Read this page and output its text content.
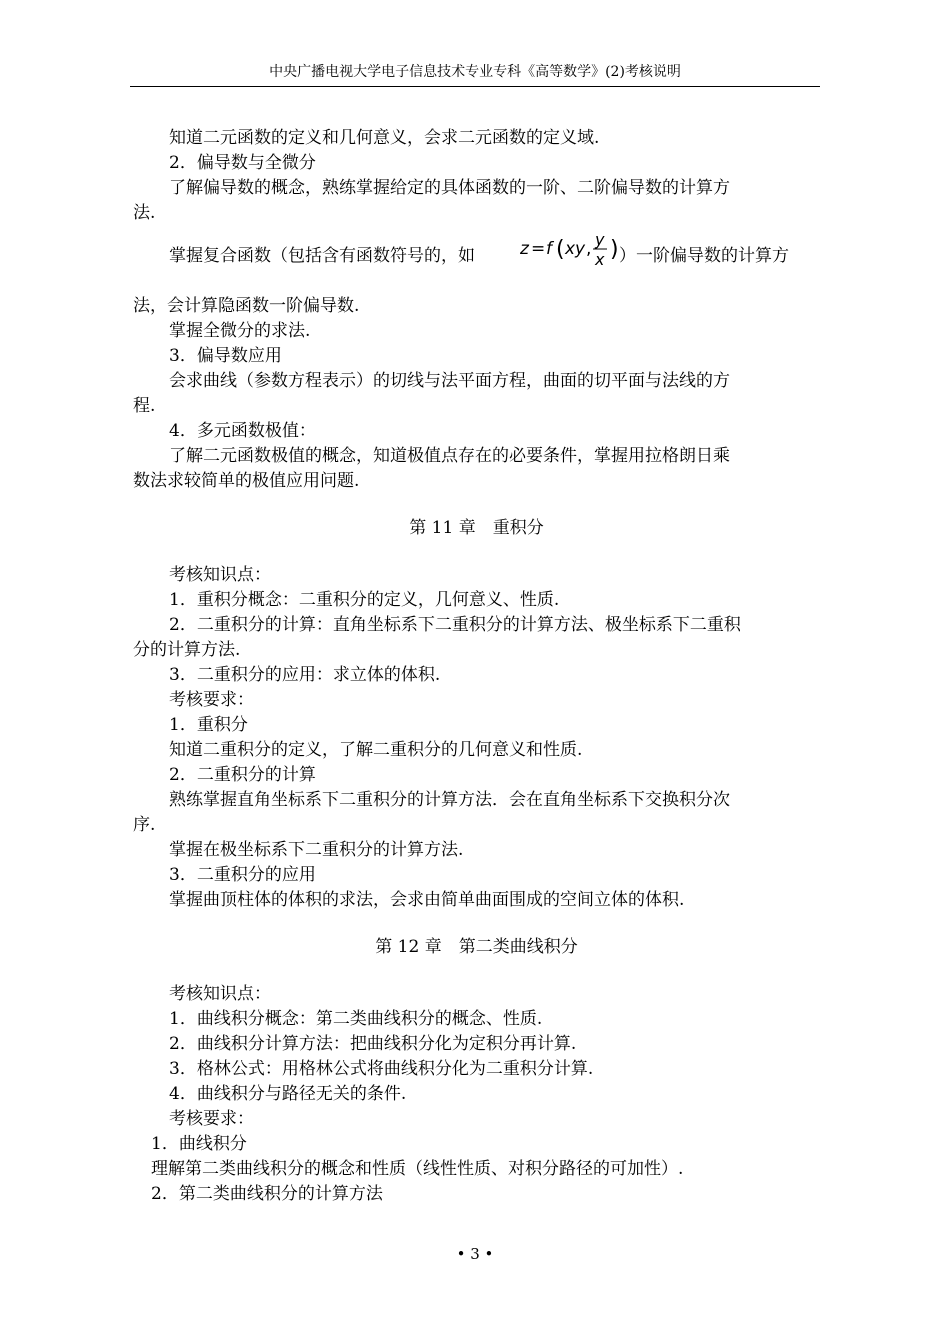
中央广播电视大学电子信息技术专业专科《高等数学》(2)考核说明

知道二元函数的定义和几何意义，会求二元函数的定义域.

2．偏导数与全微分

了解偏导数的概念，熟练掌握给定的具体函数的一阶、二阶偏导数的计算方

法.

掌握复合函数（包括含有函数符号的，如	z = f ( xy , y
x ) ）一阶偏导数的计算方

法，会计算隐函数一阶偏导数.

掌握全微分的求法.

3．偏导数应用

会求曲线（参数方程表示）的切线与法平面方程，曲面的切平面与法线的方

程.

4．多元函数极值：

了解二元函数极值的概念，知道极值点存在的必要条件，掌握用拉格朗日乘

数法求较简单的极值应用问题.

第 11 章　重积分

考核知识点：

1．重积分概念：二重积分的定义，几何意义、性质.

2．二重积分的计算：直角坐标系下二重积分的计算方法、极坐标系下二重积

分的计算方法.

3．二重积分的应用：求立体的体积.

考核要求：

1．重积分

知道二重积分的定义，了解二重积分的几何意义和性质.

2．二重积分的计算

熟练掌握直角坐标系下二重积分的计算方法．会在直角坐标系下交换积分次

序.

掌握在极坐标系下二重积分的计算方法.

3．二重积分的应用

掌握曲顶柱体的体积的求法，会求由简单曲面围成的空间立体的体积.

第 12 章　第二类曲线积分

考核知识点：

1．曲线积分概念：第二类曲线积分的概念、性质.

2．曲线积分计算方法：把曲线积分化为定积分再计算.

3．格林公式：用格林公式将曲线积分化为二重积分计算.

4．曲线积分与路径无关的条件.

考核要求：

1．曲线积分

理解第二类曲线积分的概念和性质（线性性质、对积分路径的可加性）.

2．第二类曲线积分的计算方法

• 3 •
